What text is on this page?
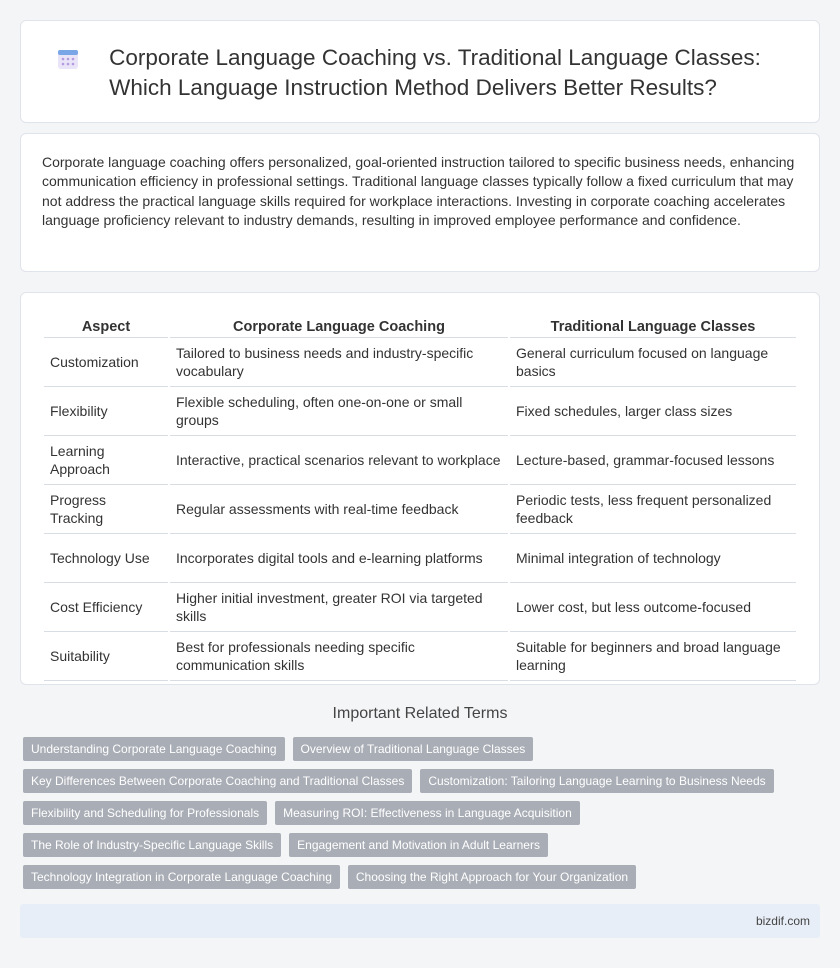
Corporate Language Coaching vs. Traditional Language Classes:
Which Language Instruction Method Delivers Better Results?

Corporate language coaching offers personalized, goal-oriented instruction tailored to specific business needs, enhancing communication efficiency in professional settings. Traditional language classes typically follow a fixed curriculum that may not address the practical language skills required for workplace interactions. Investing in corporate coaching accelerates language proficiency relevant to industry demands, resulting in improved employee performance and confidence.

Aspect	Corporate Language Coaching	Traditional Language Classes
Customization	Tailored to business needs and industry-specific vocabulary	General curriculum focused on language basics
Flexibility	Flexible scheduling, often one-on-one or small groups	Fixed schedules, larger class sizes
Learning Approach	Interactive, practical scenarios relevant to workplace	Lecture-based, grammar-focused lessons
Progress Tracking	Regular assessments with real-time feedback	Periodic tests, less frequent personalized feedback
Technology Use	Incorporates digital tools and e-learning platforms	Minimal integration of technology
Cost Efficiency	Higher initial investment, greater ROI via targeted skills	Lower cost, but less outcome-focused
Suitability	Best for professionals needing specific communication skills	Suitable for beginners and broad language learning
Important Related Terms
Understanding Corporate Language Coaching	Overview of Traditional Language Classes
Key Differences Between Corporate Coaching and Traditional Classes	Customization: Tailoring Language Learning to Business Needs
Flexibility and Scheduling for Professionals	Measuring ROI: Effectiveness in Language Acquisition
The Role of Industry-Specific Language Skills	Engagement and Motivation in Adult Learners
Technology Integration in Corporate Language Coaching	Choosing the Right Approach for Your Organization
bizdif.com
